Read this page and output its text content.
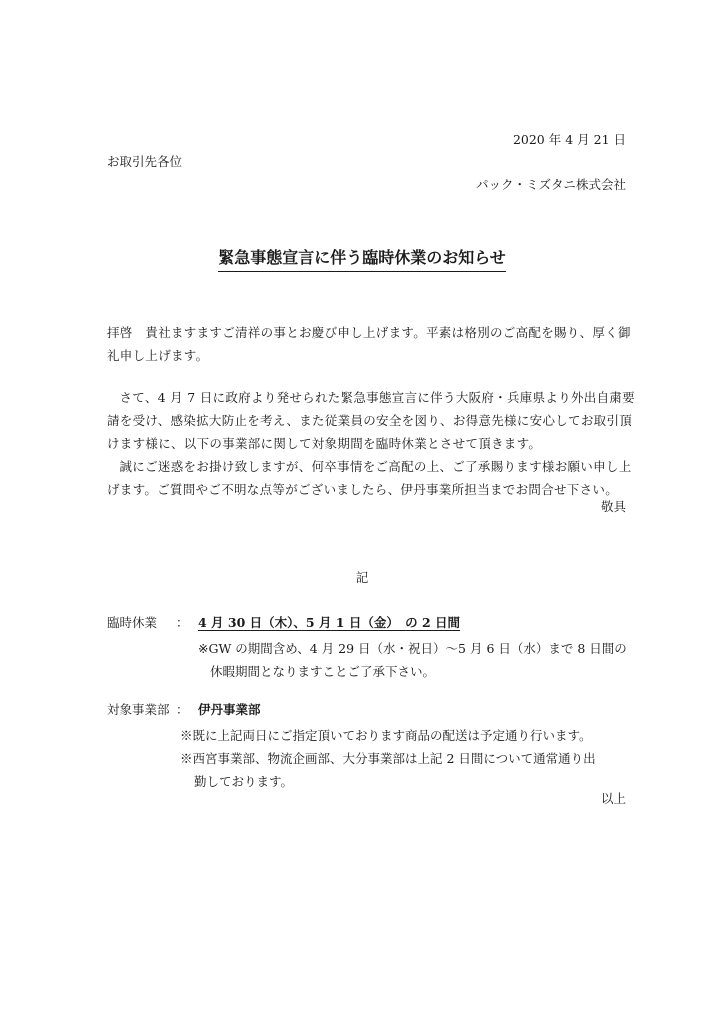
2020 年 4 月 21 日
お取引先各位
パック・ミズタニ株式会社
緊急事態宣言に伴う臨時休業のお知らせ
拝啓　貴社ますますご清祥の事とお慶び申し上げます。平素は格別のご高配を賜り、厚く御
礼申し上げます。
さて、4 月 7 日に政府より発せられた緊急事態宣言に伴う大阪府・兵庫県より外出自粛要
請を受け、感染拡大防止を考え、また従業員の安全を図り、お得意先様に安心してお取引頂
けます様に、以下の事業部に関して対象期間を臨時休業とさせて頂きます。
誠にご迷惑をお掛け致しますが、何卒事情をご高配の上、ご了承賜ります様お願い申し上
げます。ご質問やご不明な点等がございましたら、伊丹事業所担当までお問合せ下さい。
敬具
記
臨時休業 ： 4 月 30 日（木）、5 月 1 日（金）　の 2 日間
※GW の期間含め、4 月 29 日（水・祝日）～5 月 6 日（水）まで 8 日間の
休暇期間となりますことご了承下さい。
対象事業部 ： 伊丹事業部
※既に上記両日にご指定頂いております商品の配送は予定通り行います。
※西宮事業部、物流企画部、大分事業部は上記 2 日間について通常通り出
勤しております。
以上
